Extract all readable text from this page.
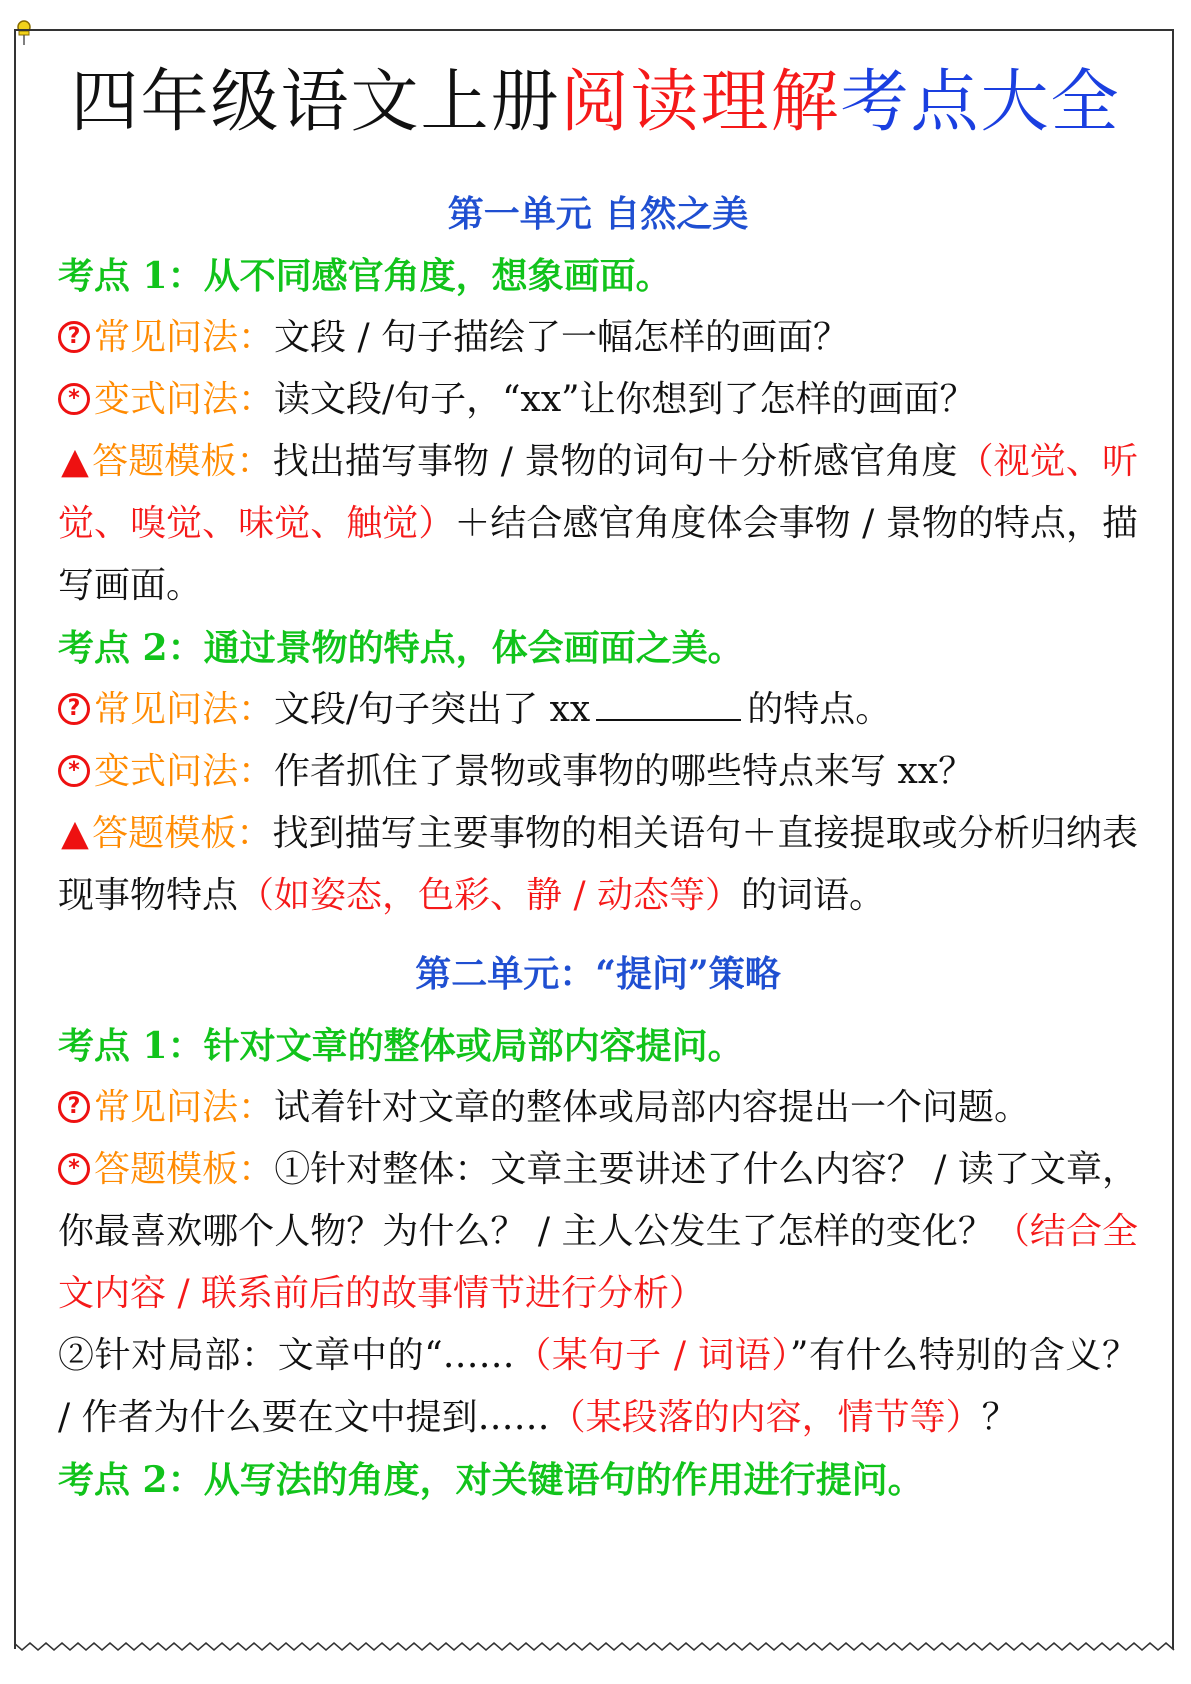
四年级语文上册阅读理解考点大全
第一单元 自然之美
考点 1：从不同感官角度，想象画面。
? 常见问法：文段 / 句子描绘了一幅怎样的画面？
* 变式问法：读文段/句子，“xx”让你想到了怎样的画面？
▲答题模板：找出描写事物 / 景物的词句＋分析感官角度（视觉、听觉、嗅觉、味觉、触觉）＋结合感官角度体会事物 / 景物的特点，描写画面。
考点 2：通过景物的特点，体会画面之美。
? 常见问法：文段/句子突出了 xx	的特点。
* 变式问法：作者抓住了景物或事物的哪些特点来写 xx？
▲答题模板：找到描写主要事物的相关语句＋直接提取或分析归纳表现事物特点（如姿态，色彩、静 / 动态等）的词语。
第二单元：“提问”策略
考点 1：针对文章的整体或局部内容提问。
? 常见问法：试着针对文章的整体或局部内容提出一个问题。
* 答题模板：①针对整体：文章主要讲述了什么内容？ / 读了文章，你最喜欢哪个人物？为什么？ / 主人公发生了怎样的变化？（结合全文内容 / 联系前后的故事情节进行分析）
②针对局部：文章中的“……（某句子 / 词语）”有什么特别的含义？ / 作者为什么要在文中提到……（某段落的内容，情节等）？
考点 2：从写法的角度，对关键语句的作用进行提问。
